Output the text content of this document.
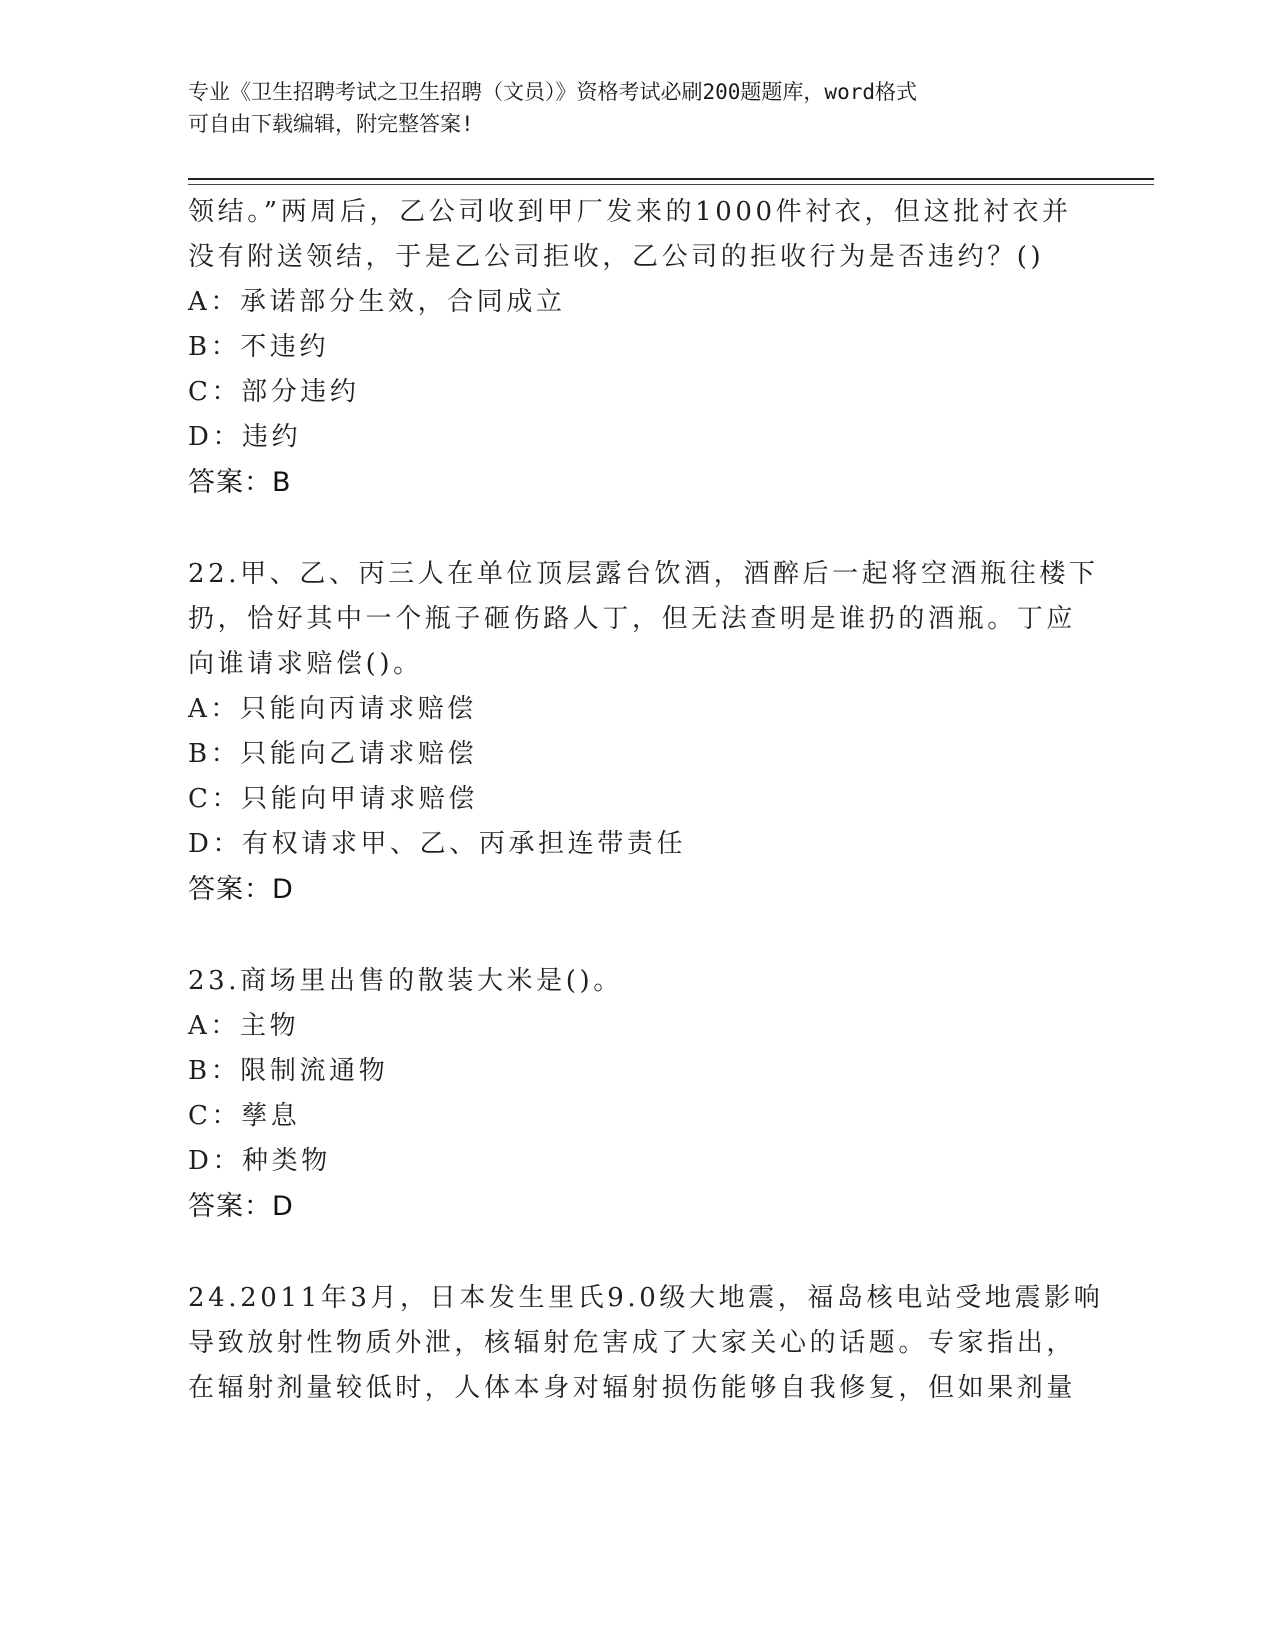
专业《卫生招聘考试之卫生招聘（文员）》资格考试必刷200题题库，word格式

可自由下载编辑，附完整答案!

领结。”两周后，乙公司收到甲厂发来的1000件衬衣，但这批衬衣并
没有附送领结，于是乙公司拒收，乙公司的拒收行为是否违约？()
A：承诺部分生效，合同成立
B：不违约
C：部分违约
D：违约
答案：B
22.甲、乙、丙三人在单位顶层露台饮酒，酒醉后一起将空酒瓶往楼下
扔，恰好其中一个瓶子砸伤路人丁，但无法查明是谁扔的酒瓶。丁应
向谁请求赔偿()。
A：只能向丙请求赔偿
B：只能向乙请求赔偿
C：只能向甲请求赔偿
D：有权请求甲、乙、丙承担连带责任
答案：D
23.商场里出售的散装大米是()。
A：主物
B：限制流通物
C：孳息
D：种类物
答案：D
24.2011年3月，日本发生里氏9.0级大地震，福岛核电站受地震影响
导致放射性物质外泄，核辐射危害成了大家关心的话题。专家指出，
在辐射剂量较低时，人体本身对辐射损伤能够自我修复，但如果剂量
